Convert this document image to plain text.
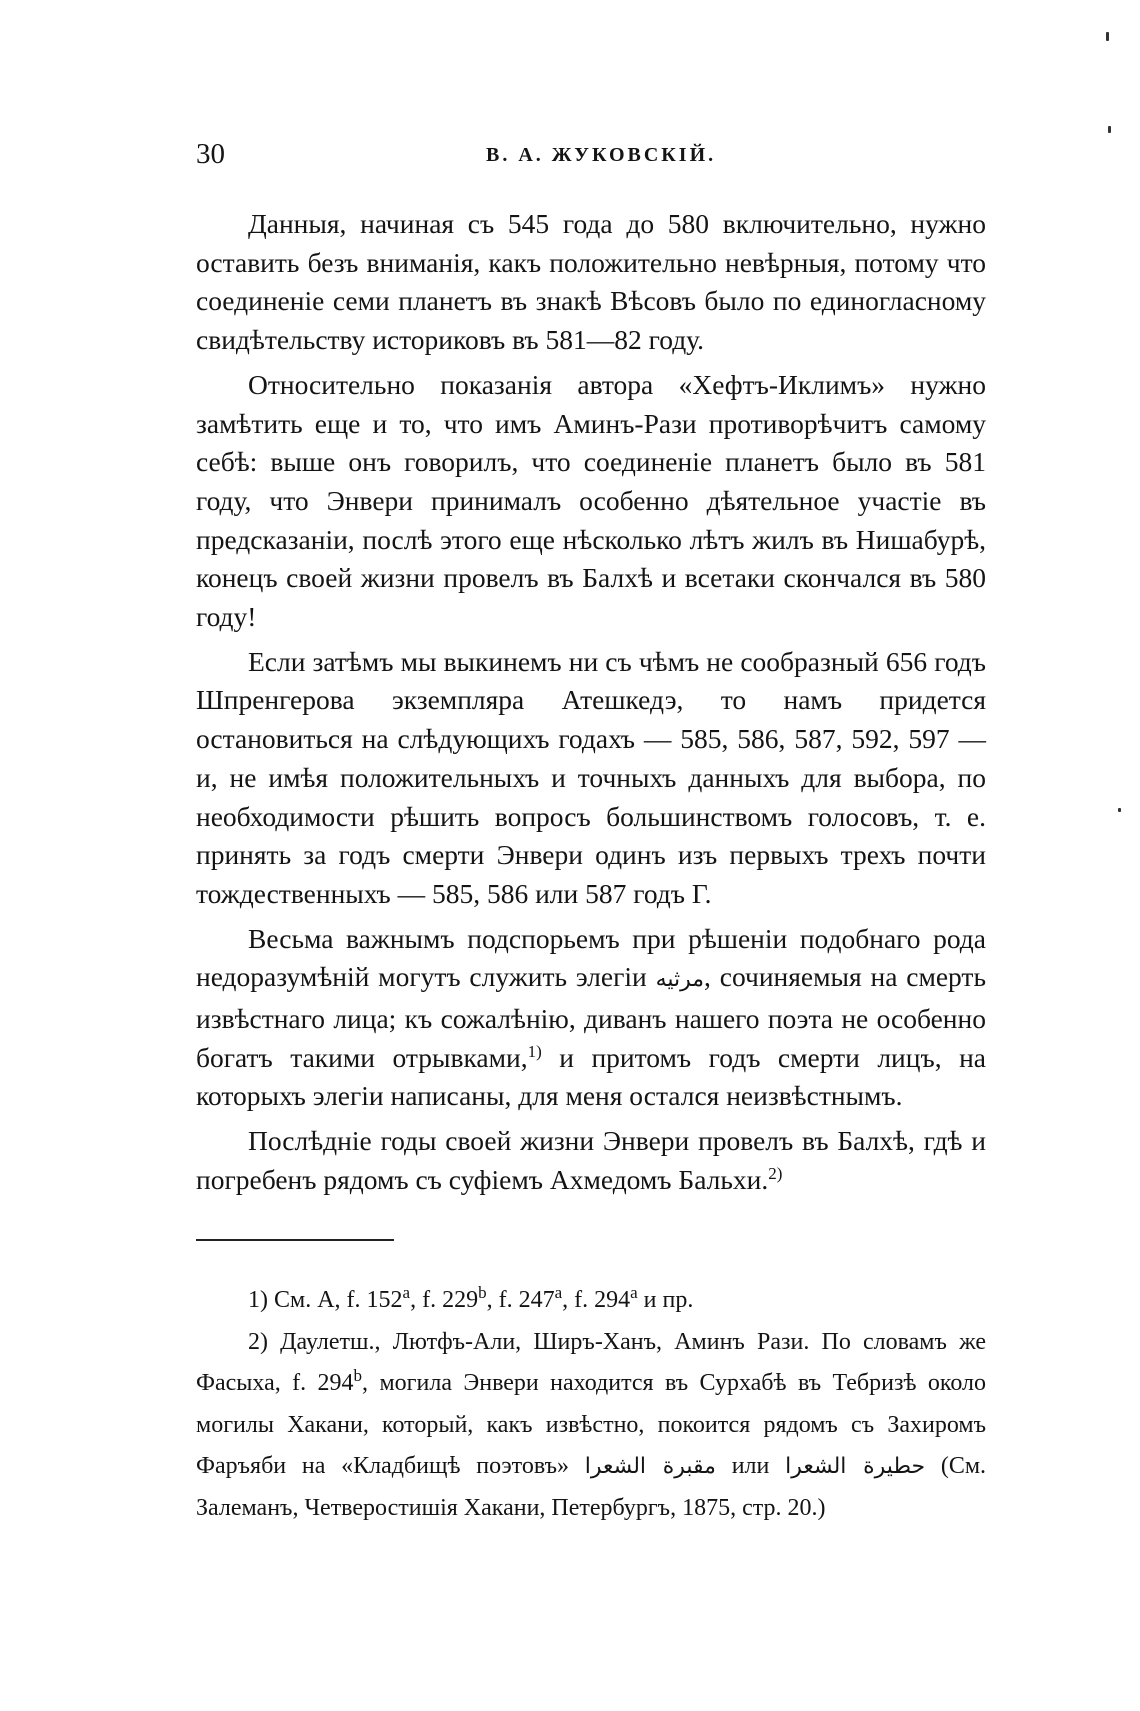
30	В. А. ЖУКОВСКІЙ.

Данныя, начиная съ 545 года до 580 включительно, нужно оставить безъ вниманія, какъ положительно невѣрныя, потому что соединеніе семи планетъ въ знакѣ Вѣсовъ было по единогласному свидѣтельству историковъ въ 581—82 году.

Относительно показанія автора «Хефтъ-Иклимъ» нужно замѣтить еще и то, что имъ Аминъ-Рази противорѣчитъ самому себѣ: выше онъ говорилъ, что соединеніе планетъ было въ 581 году, что Энвери принималъ особенно дѣятельное участіе въ предсказаніи, послѣ этого еще нѣсколько лѣтъ жилъ въ Нишабурѣ, конецъ своей жизни провелъ въ Балхѣ и всетаки скончался въ 580 году!

Если затѣмъ мы выкинемъ ни съ чѣмъ не сообразный 656 годъ Шпренгерова экземпляра Атешкедэ, то намъ придется остановиться на слѣдующихъ годахъ — 585, 586, 587, 592, 597 — и, не имѣя положительныхъ и точныхъ данныхъ для выбора, по необходимости рѣшить вопросъ большинствомъ голосовъ, т. е. принять за годъ смерти Энвери одинъ изъ первыхъ трехъ почти тождественныхъ — 585, 586 или 587 годъ Г.

Весьма важнымъ подспорьемъ при рѣшеніи подобнаго рода недоразумѣній могутъ служить элегіи مرثيه, сочиняемыя на смерть извѣстнаго лица; къ сожалѣнію, диванъ нашего поэта не особенно богатъ такими отрывками,$^{1)}$ и притомъ годъ смерти лицъ, на которыхъ элегіи написаны, для меня остался неизвѣстнымъ.

Послѣдніе годы своей жизни Энвери провелъ въ Балхѣ, гдѣ и погребенъ рядомъ съ суфіемъ Ахмедомъ Бальхи.$^{2)}$

1) См. А, f. 152$^a$, f. 229$^b$, f. 247$^a$, f. 294$^a$ и пр.

2) Даулетш., Лютфъ-Али, Ширъ-Ханъ, Аминъ Рази. По словамъ же Фасыха, f. 294$^b$, могила Энвери находится въ Сурхабѣ въ Тебризѣ около могилы Хакани, который, какъ извѣстно, покоится рядомъ съ Захиромъ Фаръяби на «Кладбищѣ поэтовъ» مقبرة الشعرا или حطيرة الشعرا (См. Залеманъ, Четверостишія Хакани, Петербургъ, 1875, стр. 20.)
